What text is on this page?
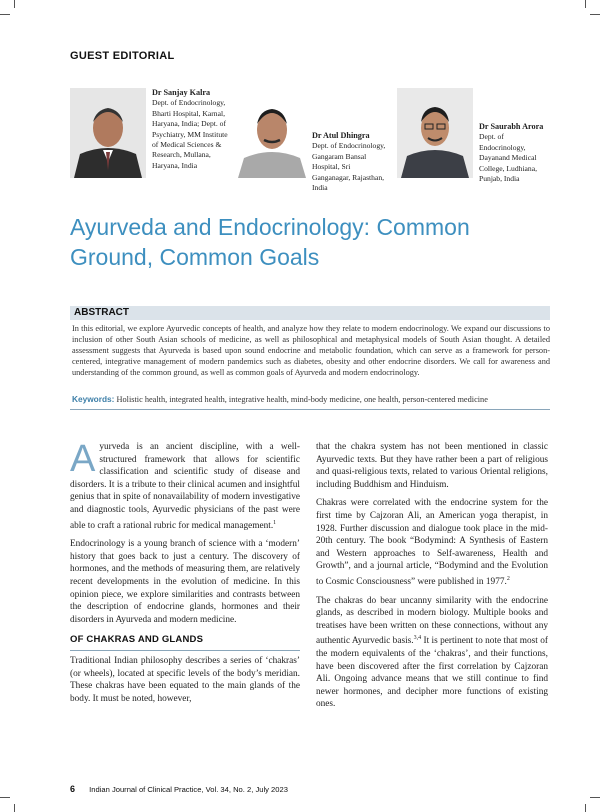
GUEST EDITORIAL
Dr Sanjay Kalra
Dept. of Endocrinology, Bharti Hospital, Karnal, Haryana, India; Dept. of Psychiatry, MM Institute of Medical Sciences & Research, Mullana, Haryana, India
Dr Atul Dhingra
Dept. of Endocrinology, Gangaram Bansal Hospital, Sri Ganganagar, Rajasthan, India
Dr Saurabh Arora
Dept. of Endocrinology, Dayanand Medical College, Ludhiana, Punjab, India
Ayurveda and Endocrinology: Common Ground, Common Goals
ABSTRACT
In this editorial, we explore Ayurvedic concepts of health, and analyze how they relate to modern endocrinology. We expand our discussions to inclusion of other South Asian schools of medicine, as well as philosophical and metaphysical models of South Asian thought. A detailed assessment suggests that Ayurveda is based upon sound endocrine and metabolic foundation, which can serve as a framework for person-centered, integrative management of modern pandemics such as diabetes, obesity and other endocrine disorders. We call for awareness and understanding of the common ground, as well as common goals of Ayurveda and modern endocrinology.
Keywords: Holistic health, integrated health, integrative health, mind-body medicine, one health, person-centered medicine

Ayurveda is an ancient discipline, with a well-structured framework that allows for scientific classification and scientific study of disease and disorders. It is a tribute to their clinical acumen and insightful genius that in spite of nonavailability of modern investigative and diagnostic tools, Ayurvedic physicians of the past were able to craft a rational rubric for medical management.$^1$

Endocrinology is a young branch of science with a ‘modern’ history that goes back to just a century. The discovery of hormones, and the methods of measuring them, are relatively recent developments in the evolution of medicine. In this opinion piece, we explore similarities and contrasts between the description of endocrine glands, hormones and their disorders in Ayurveda and modern medicine.

OF CHAKRAS AND GLANDS

Traditional Indian philosophy describes a series of ‘chakras’ (or wheels), located at specific levels of the body’s meridian. These chakras have been equated to the main glands of the body. It must be noted, however,

that the chakra system has not been mentioned in classic Ayurvedic texts. But they have rather been a part of religious and quasi-religious texts, related to various Oriental religions, including Buddhism and Hinduism.

Chakras were correlated with the endocrine system for the first time by Cajzoran Ali, an American yoga therapist, in 1928. Further discussion and dialogue took place in the mid-20th century. The book “Bodymind: A Synthesis of Eastern and Western approaches to Self-awareness, Health and Growth”, and a journal article, “Bodymind and the Evolution to Cosmic Consciousness” were published in 1977.$^2$

The chakras do bear uncanny similarity with the endocrine glands, as described in modern biology. Multiple books and treatises have been written on these connections, without any authentic Ayurvedic basis.$^{3,4}$ It is pertinent to note that most of the modern equivalents of the ‘chakras’, and their functions, have been discovered after the first correlation by Cajzoran Ali. Ongoing advance means that we still continue to find newer hormones, and decipher more functions of existing ones.

6 Indian Journal of Clinical Practice, Vol. 34, No. 2, July 2023
